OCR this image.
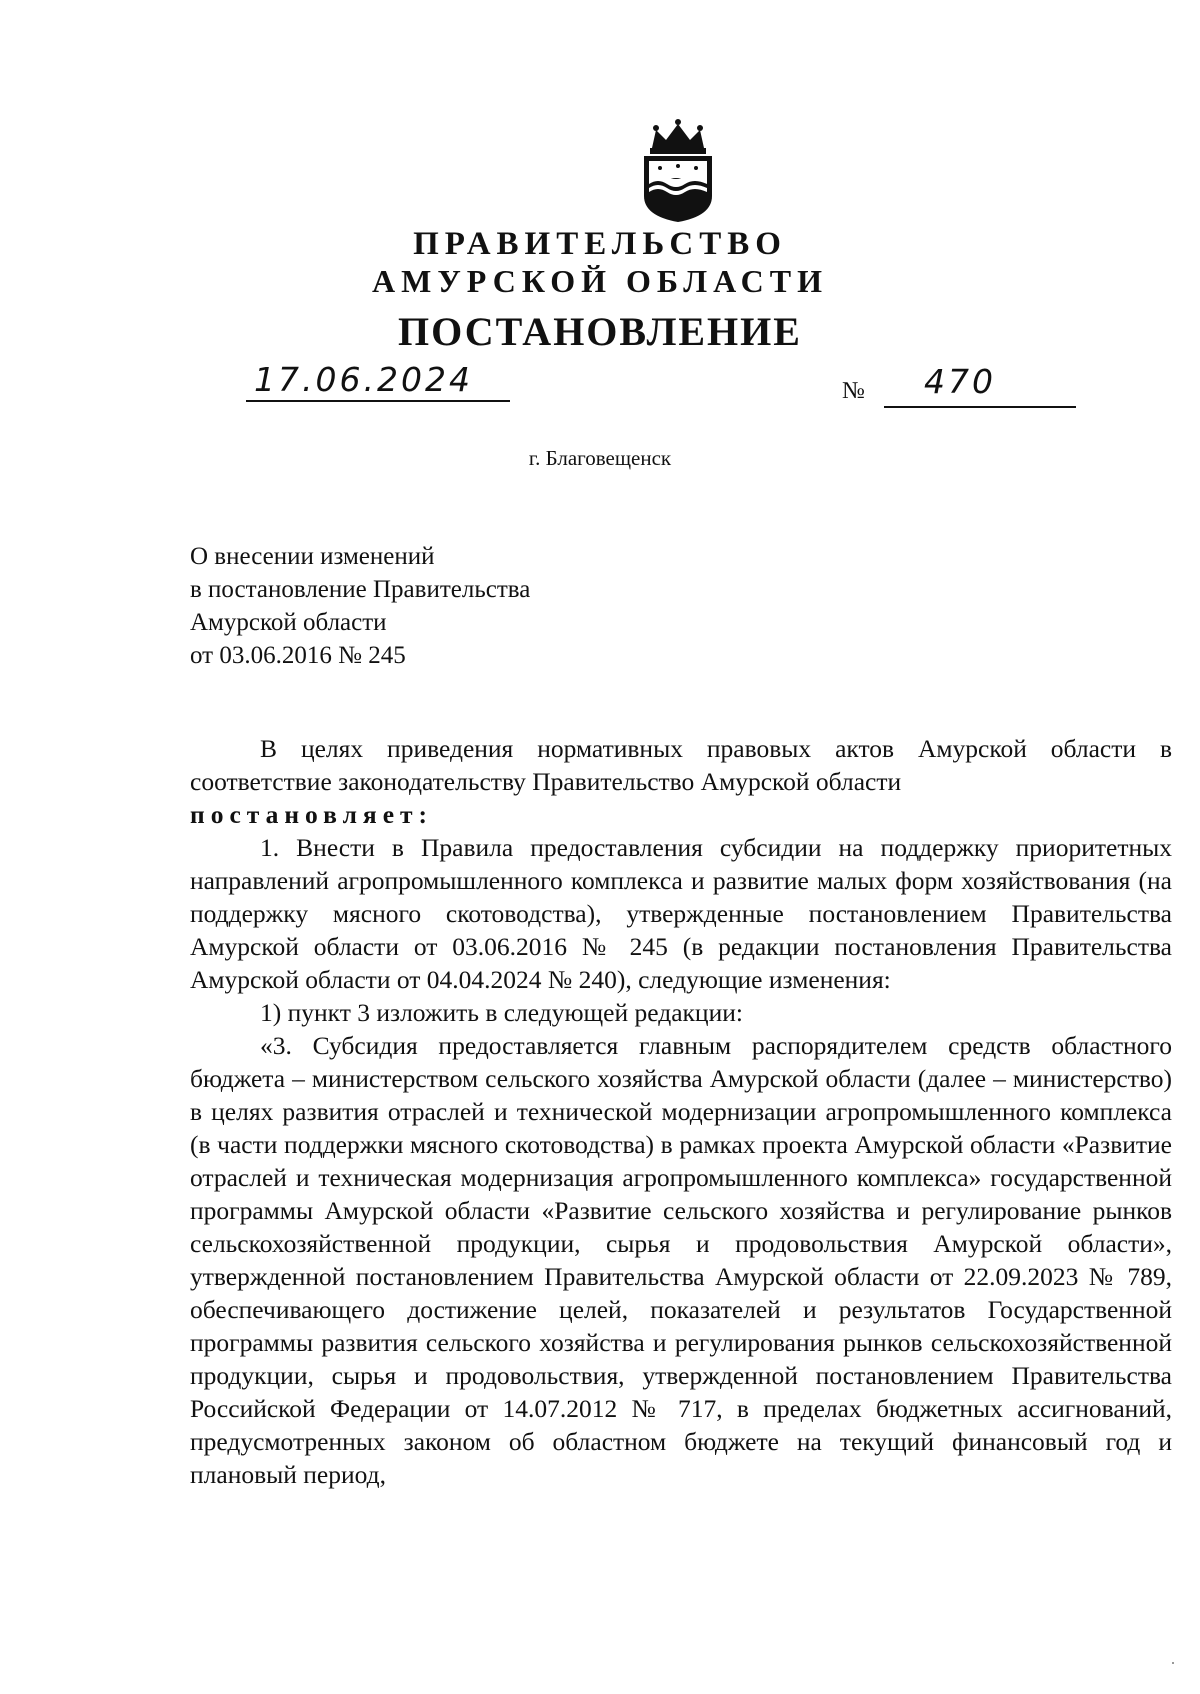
ПРАВИТЕЛЬСТВО
АМУРСКОЙ ОБЛАСТИ
ПОСТАНОВЛЕНИЕ
17.06.2024	№ 470
г. Благовещенск
О внесении изменений
в постановление Правительства
Амурской области
от 03.06.2016 № 245

В целях приведения нормативных правовых актов Амурской области в соответствие законодательству Правительство Амурской области

постановляет:

1. Внести в Правила предоставления субсидии на поддержку приоритетных направлений агропромышленного комплекса и развитие малых форм хозяйствования (на поддержку мясного скотоводства), утвержденные постановлением Правительства Амурской области от 03.06.2016 № 245 (в редакции постановления Правительства Амурской области от 04.04.2024 № 240), следующие изменения:

1) пункт 3 изложить в следующей редакции:

«3. Субсидия предоставляется главным распорядителем средств областного бюджета – министерством сельского хозяйства Амурской области (далее – министерство) в целях развития отраслей и технической модернизации агропромышленного комплекса (в части поддержки мясного скотоводства) в рамках проекта Амурской области «Развитие отраслей и техническая модернизация агропромышленного комплекса» государственной программы Амурской области «Развитие сельского хозяйства и регулирование рынков сельскохозяйственной продукции, сырья и продовольствия Амурской области», утвержденной постановлением Правительства Амурской области от 22.09.2023 № 789, обеспечивающего достижение целей, показателей и результатов Государственной программы развития сельского хозяйства и регулирования рынков сельскохозяйственной продукции, сырья и продовольствия, утвержденной постановлением Правительства Российской Федерации от 14.07.2012 № 717, в пределах бюджетных ассигнований, предусмотренных законом об областном бюджете на текущий финансовый год и плановый период,
